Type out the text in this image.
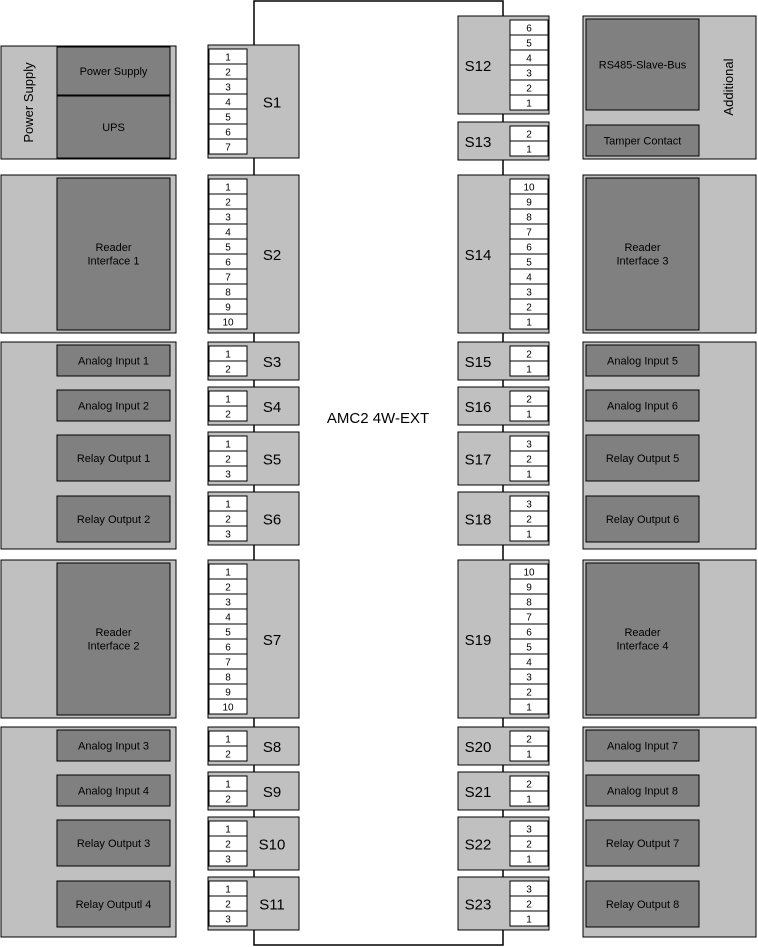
AMC2 4W-EXT
Power Supply	Power Supply
UPS
Reader Interface 1
Analog Input 1
Analog Input 2
Relay Output 1
Relay Output 2
Reader Interface 2
Analog Input 3
Analog Input 4
Relay Output 3
Relay Outputl 4
Additional
RS485-Slave-Bus
Tamper Contact
Reader Interface 3
Analog Input 5
Analog Input 6
Relay Output 5
Relay Output 6
Reader Interface 4
Analog Input 7
Analog Input 8
Relay Output 7
Relay Output 8
1
2
3
4
5
6
7
S1
1
2
3
4
5
6
7
8
9
10
S2
1
2 S3
1
2 S4
1
2
3
S5
1
2
3
S6
1
2
3
4
5
6
7
8
9
10
S7
1
2 S8
1
2 S9
1
2
3
S10
1
2
3
S11
6
5
4
3
2
1
S12
2
1
S13
10
9
8
7
6
5
4
3
2
1
S14
2
1
S15
2
1
S16
3
2
1
S17
3
2
1
S18
10
9
8
7
6
5
4
3
2
1
S19
2
1
S20
2
1
S21
3
2
1
S22
3
2
1
S23
